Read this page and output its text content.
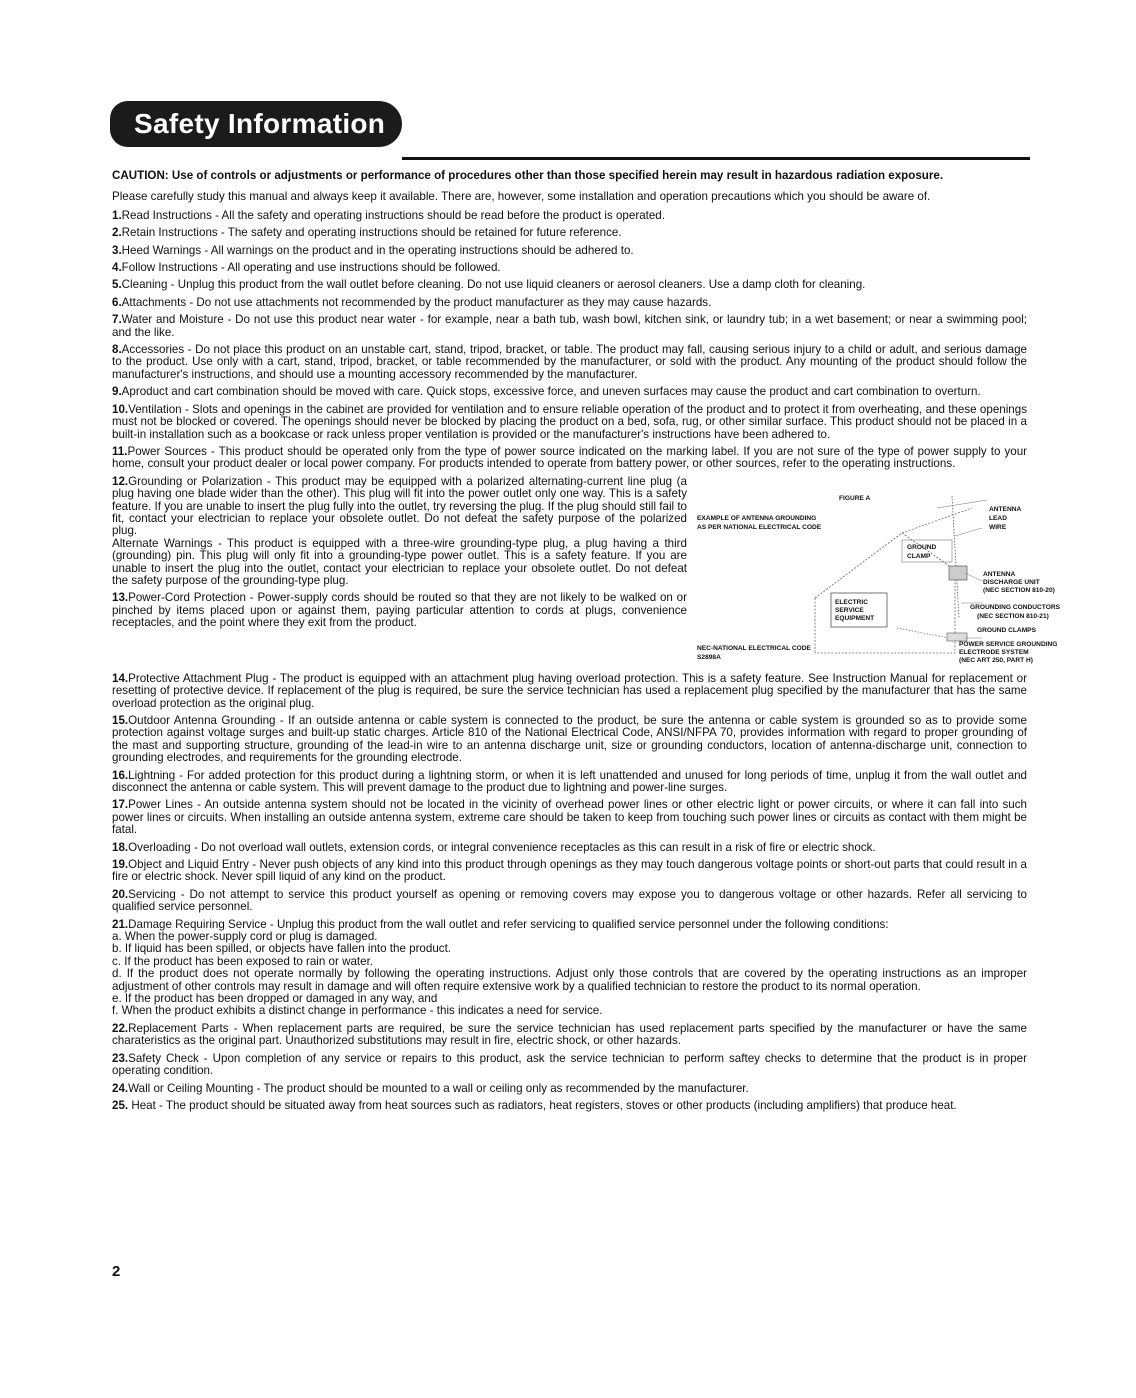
Safety Information

CAUTION: Use of controls or adjustments or performance of procedures other than those specified herein may result in hazardous radiation exposure.

Please carefully study this manual and always keep it available. There are, however, some installation and operation precautions which you should be aware of.

1.Read Instructions - All the safety and operating instructions should be read before the product is operated.

2.Retain Instructions - The safety and operating instructions should be retained for future reference.

3.Heed Warnings - All warnings on the product and in the operating instructions should be adhered to.

4.Follow Instructions - All operating and use instructions should be followed.

5.Cleaning - Unplug this product from the wall outlet before cleaning. Do not use liquid cleaners or aerosol cleaners. Use a damp cloth for cleaning.

6.Attachments - Do not use attachments not recommended by the product manufacturer as they may cause hazards.

7.Water and Moisture - Do not use this product near water - for example, near a bath tub, wash bowl, kitchen sink, or laundry tub; in a wet basement; or near a swimming pool; and the like.

8.Accessories - Do not place this product on an unstable cart, stand, tripod, bracket, or table. The product may fall, causing serious injury to a child or adult, and serious damage to the product. Use only with a cart, stand, tripod, bracket, or table recommended by the manufacturer, or sold with the product. Any mounting of the product should follow the manufacturer's instructions, and should use a mounting accessory recommended by the manufacturer.

9.Aproduct and cart combination should be moved with care. Quick stops, excessive force, and uneven surfaces may cause the product and cart combination to overturn.

10.Ventilation - Slots and openings in the cabinet are provided for ventilation and to ensure reliable operation of the product and to protect it from overheating, and these openings must not be blocked or covered. The openings should never be blocked by placing the product on a bed, sofa, rug, or other similar surface. This product should not be placed in a built-in installation such as a bookcase or rack unless proper ventilation is provided or the manufacturer's instructions have been adhered to.

11.Power Sources - This product should be operated only from the type of power source indicated on the marking label. If you are not sure of the type of power supply to your home, consult your product dealer or local power company. For products intended to operate from battery power, or other sources, refer to the operating instructions.

12.Grounding or Polarization - This product may be equipped with a polarized alternating-current line plug (a plug having one blade wider than the other). This plug will fit into the power outlet only one way. This is a safety feature. If you are unable to insert the plug fully into the outlet, try reversing the plug. If the plug should still fail to fit, contact your electrician to replace your obsolete outlet. Do not defeat the safety purpose of the polarized plug.

Alternate Warnings - This product is equipped with a three-wire grounding-type plug, a plug having a third (grounding) pin. This plug will only fit into a grounding-type power outlet. This is a safety feature. If you are unable to insert the plug into the outlet, contact your electrician to replace your obsolete outlet. Do not defeat the safety purpose of the grounding-type plug.

13.Power-Cord Protection - Power-supply cords should be routed so that they are not likely to be walked on or pinched by items placed upon or against them, paying particular attention to cords at plugs, convenience receptacles, and the point where they exit from the product.

FIGURE A
EXAMPLE OF ANTENNA GROUNDING
AS PER NATIONAL ELECTRICAL CODE
GROUND
CLAMP
ELECTRIC
SERVICE
EQUIPMENT
ANTENNA
LEAD
WIRE
ANTENNA
DISCHARGE UNIT
(NEC SECTION 810-20)
GROUNDING CONDUCTORS
(NEC SECTION 810-21)
GROUND CLAMPS
POWER SERVICE GROUNDING
ELECTRODE SYSTEM
(NEC ART 250, PART H)
NEC-NATIONAL ELECTRICAL CODE
S2898A

14.Protective Attachment Plug - The product is equipped with an attachment plug having overload protection. This is a safety feature. See Instruction Manual for replacement or resetting of protective device. If replacement of the plug is required, be sure the service technician has used a replacement plug specified by the manufacturer that has the same overload protection as the original plug.

15.Outdoor Antenna Grounding - If an outside antenna or cable system is connected to the product, be sure the antenna or cable system is grounded so as to provide some protection against voltage surges and built-up static charges. Article 810 of the National Electrical Code, ANSI/NFPA 70, provides information with regard to proper grounding of the mast and supporting structure, grounding of the lead-in wire to an antenna discharge unit, size or grounding conductors, location of antenna-discharge unit, connection to grounding electrodes, and requirements for the grounding electrode.

16.Lightning - For added protection for this product during a lightning storm, or when it is left unattended and unused for long periods of time, unplug it from the wall outlet and disconnect the antenna or cable system. This will prevent damage to the product due to lightning and power-line surges.

17.Power Lines - An outside antenna system should not be located in the vicinity of overhead power lines or other electric light or power circuits, or where it can fall into such power lines or circuits. When installing an outside antenna system, extreme care should be taken to keep from touching such power lines or circuits as contact with them might be fatal.

18.Overloading - Do not overload wall outlets, extension cords, or integral convenience receptacles as this can result in a risk of fire or electric shock.

19.Object and Liquid Entry - Never push objects of any kind into this product through openings as they may touch dangerous voltage points or short-out parts that could result in a fire or electric shock. Never spill liquid of any kind on the product.

20.Servicing - Do not attempt to service this product yourself as opening or removing covers may expose you to dangerous voltage or other hazards. Refer all servicing to qualified service personnel.

21.Damage Requiring Service - Unplug this product from the wall outlet and refer servicing to qualified service personnel under the following conditions:

a. When the power-supply cord or plug is damaged.

b. If liquid has been spilled, or objects have fallen into the product.

c. If the product has been exposed to rain or water.

d. If the product does not operate normally by following the operating instructions. Adjust only those controls that are covered by the operating instructions as an improper adjustment of other controls may result in damage and will often require extensive work by a qualified technician to restore the product to its normal operation.

e. If the product has been dropped or damaged in any way, and

f. When the product exhibits a distinct change in performance - this indicates a need for service.

22.Replacement Parts - When replacement parts are required, be sure the service technician has used replacement parts specified by the manufacturer or have the same charateristics as the original part. Unauthorized substitutions may result in fire, electric shock, or other hazards.

23.Safety Check - Upon completion of any service or repairs to this product, ask the service technician to perform saftey checks to determine that the product is in proper operating condition.

24.Wall or Ceiling Mounting - The product should be mounted to a wall or ceiling only as recommended by the manufacturer.

25. Heat - The product should be situated away from heat sources such as radiators, heat registers, stoves or other products (including amplifiers) that produce heat.

2
